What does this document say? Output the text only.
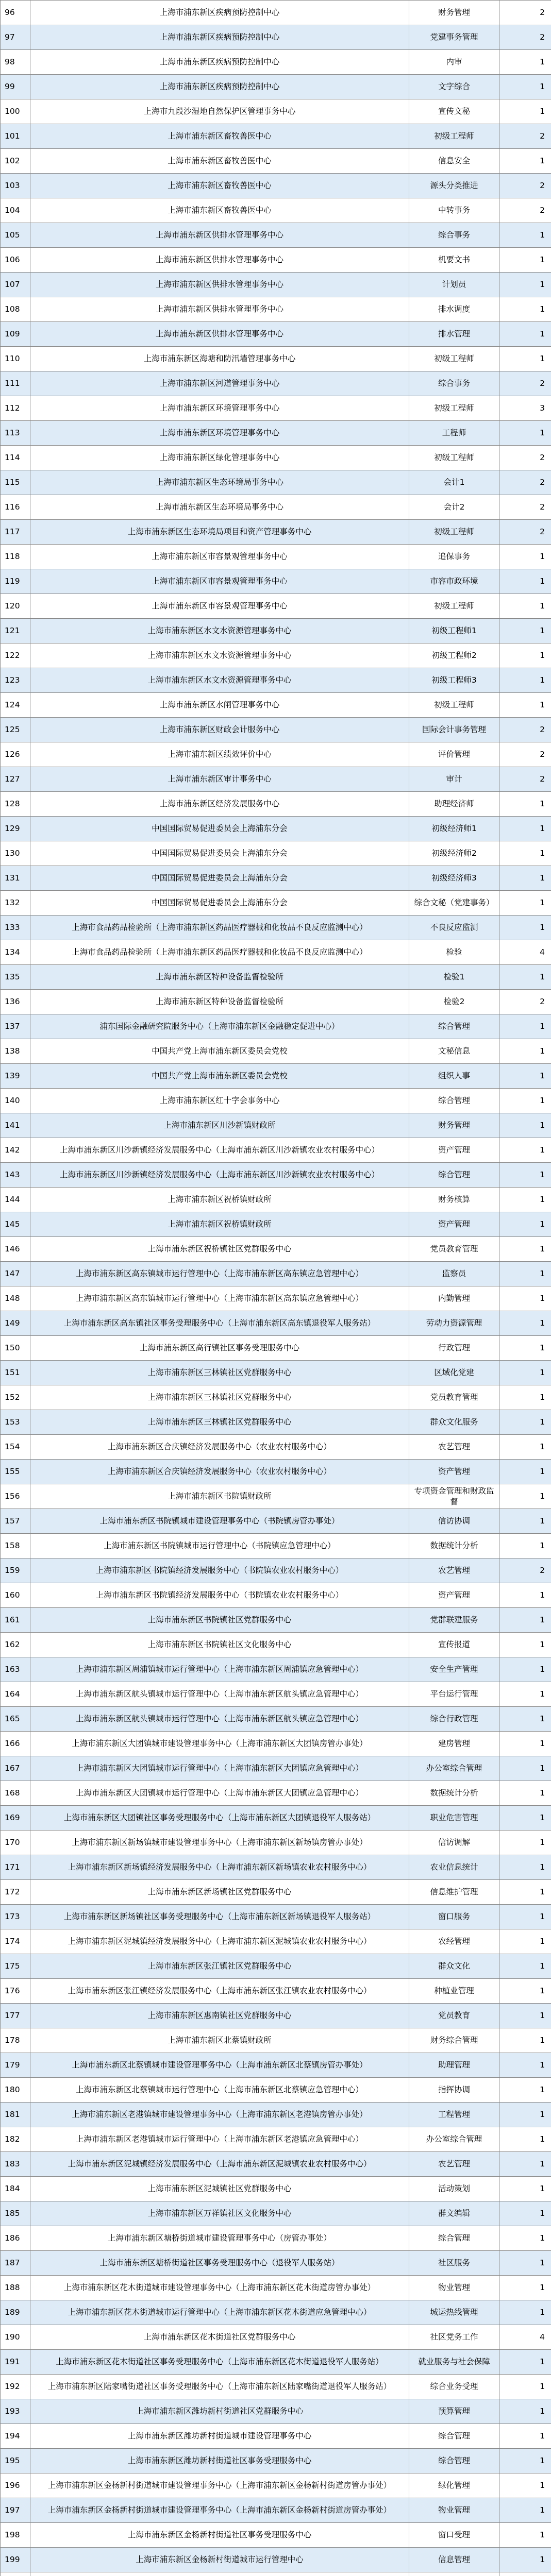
96	上海市浦东新区疾病预防控制中心	财务管理	2
97	上海市浦东新区疾病预防控制中心	党建事务管理	2
98	上海市浦东新区疾病预防控制中心	内审	1
99	上海市浦东新区疾病预防控制中心	文字综合	1
100	上海市九段沙湿地自然保护区管理事务中心	宣传文秘	1
101	上海市浦东新区畜牧兽医中心	初级工程师	2
102	上海市浦东新区畜牧兽医中心	信息安全	1
103	上海市浦东新区畜牧兽医中心	源头分类推进	2
104	上海市浦东新区畜牧兽医中心	中转事务	2
105	上海市浦东新区供排水管理事务中心	综合事务	1
106	上海市浦东新区供排水管理事务中心	机要文书	1
107	上海市浦东新区供排水管理事务中心	计划员	1
108	上海市浦东新区供排水管理事务中心	排水调度	1
109	上海市浦东新区供排水管理事务中心	排水管理	1
110	上海市浦东新区海塘和防汛墙管理事务中心	初级工程师	1
111	上海市浦东新区河道管理事务中心	综合事务	2
112	上海市浦东新区环境管理事务中心	初级工程师	3
113	上海市浦东新区环境管理事务中心	工程师	1
114	上海市浦东新区绿化管理事务中心	初级工程师	2
115	上海市浦东新区生态环境局事务中心	会计1	2
116	上海市浦东新区生态环境局事务中心	会计2	2
117	上海市浦东新区生态环境局项目和资产管理事务中心	初级工程师	2
118	上海市浦东新区市容景观管理事务中心	追保事务	1
119	上海市浦东新区市容景观管理事务中心	市容市政环境	1
120	上海市浦东新区市容景观管理事务中心	初级工程师	1
121	上海市浦东新区水文水资源管理事务中心	初级工程师1	1
122	上海市浦东新区水文水资源管理事务中心	初级工程师2	1
123	上海市浦东新区水文水资源管理事务中心	初级工程师3	1
124	上海市浦东新区水闸管理事务中心	初级工程师	1
125	上海市浦东新区财政会计服务中心	国际会计事务管理	2
126	上海市浦东新区绩效评价中心	评价管理	2
127	上海市浦东新区审计事务中心	审计	2
128	上海市浦东新区经济发展服务中心	助理经济师	1
129	中国国际贸易促进委员会上海浦东分会	初级经济师1	1
130	中国国际贸易促进委员会上海浦东分会	初级经济师2	1
131	中国国际贸易促进委员会上海浦东分会	初级经济师3	1
132	中国国际贸易促进委员会上海浦东分会	综合文秘（党建事务）	1
133	上海市食品药品检验所（上海市浦东新区药品医疗器械和化妆品不良反应监测中心）	不良反应监测	1
134	上海市食品药品检验所（上海市浦东新区药品医疗器械和化妆品不良反应监测中心）	检验	4
135	上海市浦东新区特种设备监督检验所	检验1	1
136	上海市浦东新区特种设备监督检验所	检验2	2
137	浦东国际金融研究院服务中心（上海市浦东新区金融稳定促进中心）	综合管理	1
138	中国共产党上海市浦东新区委员会党校	文秘信息	1
139	中国共产党上海市浦东新区委员会党校	组织人事	1
140	上海市浦东新区红十字会事务中心	综合管理	1
141	上海市浦东新区川沙新镇财政所	财务管理	1
142	上海市浦东新区川沙新镇经济发展服务中心（上海市浦东新区川沙新镇农业农村服务中心）	资产管理	1
143	上海市浦东新区川沙新镇经济发展服务中心（上海市浦东新区川沙新镇农业农村服务中心）	综合管理	1
144	上海市浦东新区祝桥镇财政所	财务核算	1
145	上海市浦东新区祝桥镇财政所	资产管理	1
146	上海市浦东新区祝桥镇社区党群服务中心	党员教育管理	1
147	上海市浦东新区高东镇城市运行管理中心（上海市浦东新区高东镇应急管理中心）	监察员	1
148	上海市浦东新区高东镇城市运行管理中心（上海市浦东新区高东镇应急管理中心）	内勤管理	1
149	上海市浦东新区高东镇社区事务受理服务中心（上海市浦东新区高东镇退役军人服务站）	劳动力资源管理	1
150	上海市浦东新区高行镇社区事务受理服务中心	行政管理	1
151	上海市浦东新区三林镇社区党群服务中心	区域化党建	1
152	上海市浦东新区三林镇社区党群服务中心	党员教育管理	1
153	上海市浦东新区三林镇社区党群服务中心	群众文化服务	1
154	上海市浦东新区合庆镇经济发展服务中心（农业农村服务中心）	农艺管理	1
155	上海市浦东新区合庆镇经济发展服务中心（农业农村服务中心）	资产管理	1
156	上海市浦东新区书院镇财政所	专项资金管理和财政监督	1
157	上海市浦东新区书院镇城市建设管理事务中心（书院镇房管办事处）	信访协调	1
158	上海市浦东新区书院镇城市运行管理中心（书院镇应急管理中心）	数据统计分析	1
159	上海市浦东新区书院镇经济发展服务中心（书院镇农业农村服务中心）	农艺管理	2
160	上海市浦东新区书院镇经济发展服务中心（书院镇农业农村服务中心）	资产管理	1
161	上海市浦东新区书院镇社区党群服务中心	党群联建服务	1
162	上海市浦东新区书院镇社区文化服务中心	宣传报道	1
163	上海市浦东新区周浦镇城市运行管理中心（上海市浦东新区周浦镇应急管理中心）	安全生产管理	1
164	上海市浦东新区航头镇城市运行管理中心（上海市浦东新区航头镇应急管理中心）	平台运行管理	1
165	上海市浦东新区航头镇城市运行管理中心（上海市浦东新区航头镇应急管理中心）	综合行政管理	1
166	上海市浦东新区大团镇城市建设管理事务中心（上海市浦东新区大团镇房管办事处）	建房管理	1
167	上海市浦东新区大团镇城市运行管理中心（上海市浦东新区大团镇应急管理中心）	办公室综合管理	1
168	上海市浦东新区大团镇城市运行管理中心（上海市浦东新区大团镇应急管理中心）	数据统计分析	1
169	上海市浦东新区大团镇社区事务受理服务中心（上海市浦东新区大团镇退役军人服务站）	职业危害管理	1
170	上海市浦东新区新场镇城市建设管理事务中心（上海市浦东新区新场镇房管办事处）	信访调解	1
171	上海市浦东新区新场镇经济发展服务中心（上海市浦东新区新场镇农业农村服务中心）	农业信息统计	1
172	上海市浦东新区新场镇社区党群服务中心	信息维护管理	1
173	上海市浦东新区新场镇社区事务受理服务中心（上海市浦东新区新场镇退役军人服务站）	窗口服务	1
174	上海市浦东新区泥城镇经济发展服务中心（上海市浦东新区泥城镇农业农村服务中心）	农经管理	1
175	上海市浦东新区张江镇社区党群服务中心	群众文化	1
176	上海市浦东新区张江镇经济发展服务中心（上海市浦东新区张江镇农业农村服务中心）	种植业管理	1
177	上海市浦东新区惠南镇社区党群服务中心	党员教育	1
178	上海市浦东新区北蔡镇财政所	财务综合管理	1
179	上海市浦东新区北蔡镇城市建设管理事务中心（上海市浦东新区北蔡镇房管办事处）	助理管理	1
180	上海市浦东新区北蔡镇城市运行管理中心（上海市浦东新区北蔡镇应急管理中心）	指挥协调	1
181	上海市浦东新区老港镇城市建设管理事务中心（上海市浦东新区老港镇房管办事处）	工程管理	1
182	上海市浦东新区老港镇城市运行管理中心（上海市浦东新区老港镇应急管理中心）	办公室综合管理	1
183	上海市浦东新区泥城镇经济发展服务中心（上海市浦东新区泥城镇农业农村服务中心）	农艺管理	1
184	上海市浦东新区泥城镇社区党群服务中心	活动策划	1
185	上海市浦东新区万祥镇社区文化服务中心	群文编辑	1
186	上海市浦东新区塘桥街道城市建设管理事务中心（房管办事处）	综合管理	1
187	上海市浦东新区塘桥街道社区事务受理服务中心（退役军人服务站）	社区服务	1
188	上海市浦东新区花木街道城市建设管理事务中心（上海市浦东新区花木街道房管办事处）	物业管理	1
189	上海市浦东新区花木街道城市运行管理中心（上海市浦东新区花木街道应急管理中心）	城运热线管理	1
190	上海市浦东新区花木街道社区党群服务中心	社区党务工作	4
191	上海市浦东新区花木街道社区事务受理服务中心（上海市浦东新区花木街道退役军人服务站）	就业服务与社会保障	1
192	上海市浦东新区陆家嘴街道社区事务受理服务中心（上海市浦东新区陆家嘴街道退役军人服务站）	综合业务受理	1
193	上海市浦东新区潍坊新村街道社区党群服务中心	预算管理	1
194	上海市浦东新区潍坊新村街道城市建设管理事务中心	综合管理	1
195	上海市浦东新区潍坊新村街道社区事务受理服务中心	综合管理	1
196	上海市浦东新区金杨新村街道城市建设管理事务中心（上海市浦东新区金杨新村街道房管办事处）	绿化管理	1
197	上海市浦东新区金杨新村街道城市建设管理事务中心（上海市浦东新区金杨新村街道房管办事处）	物业管理	1
198	上海市浦东新区金杨新村街道社区事务受理服务中心	窗口受理	1
199	上海市浦东新区金杨新村街道城市运行管理中心	信息管理	1
